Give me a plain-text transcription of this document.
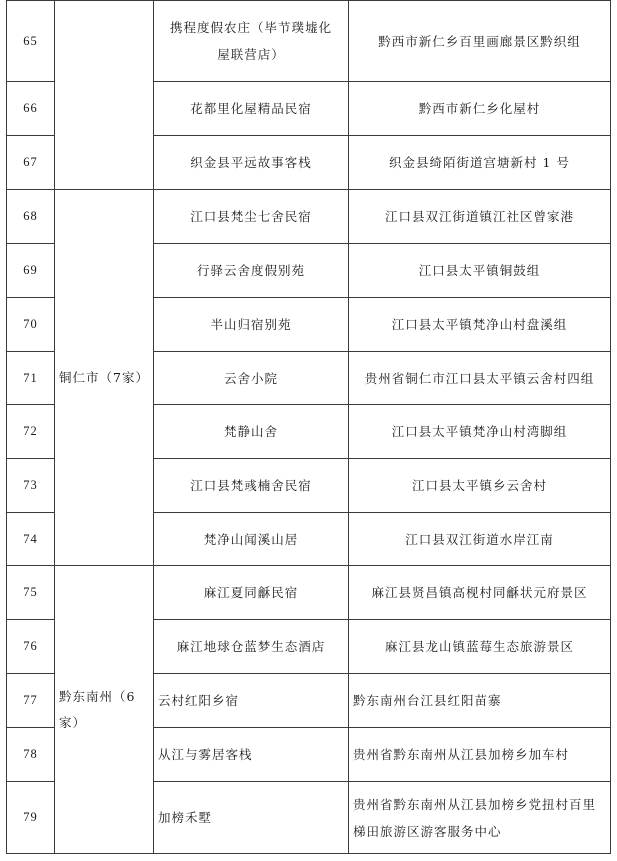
65		携程度假农庄（毕节璞墟化屋联营店）	黔西市新仁乡百里画廊景区黔织组
66		花都里化屋精品民宿	黔西市新仁乡化屋村
67		织金县平远故事客栈	织金县绮陌街道宫塘新村 1 号
68	铜仁市（7家）	江口县梵尘七舍民宿	江口县双江街道镇江社区曾家港
69		行驿云舍度假别苑	江口县太平镇铜鼓组
70		半山归宿别苑	江口县太平镇梵净山村盘溪组
71		云舍小院	贵州省铜仁市江口县太平镇云舍村四组
72		梵静山舍	江口县太平镇梵净山村湾脚组
73		江口县梵彧楠舍民宿	江口县太平镇乡云舍村
74		梵净山闻溪山居	江口县双江街道水岸江南
75	黔东南州（6家）	麻江夏同龢民宿	麻江县贤昌镇高枧村同龢状元府景区
76		麻江地球仓蓝梦生态酒店	麻江县龙山镇蓝莓生态旅游景区
77		云村红阳乡宿	黔东南州台江县红阳苗寨
78		从江与雾居客栈	贵州省黔东南州从江县加榜乡加车村
79		加榜禾墅	贵州省黔东南州从江县加榜乡党扭村百里梯田旅游区游客服务中心
